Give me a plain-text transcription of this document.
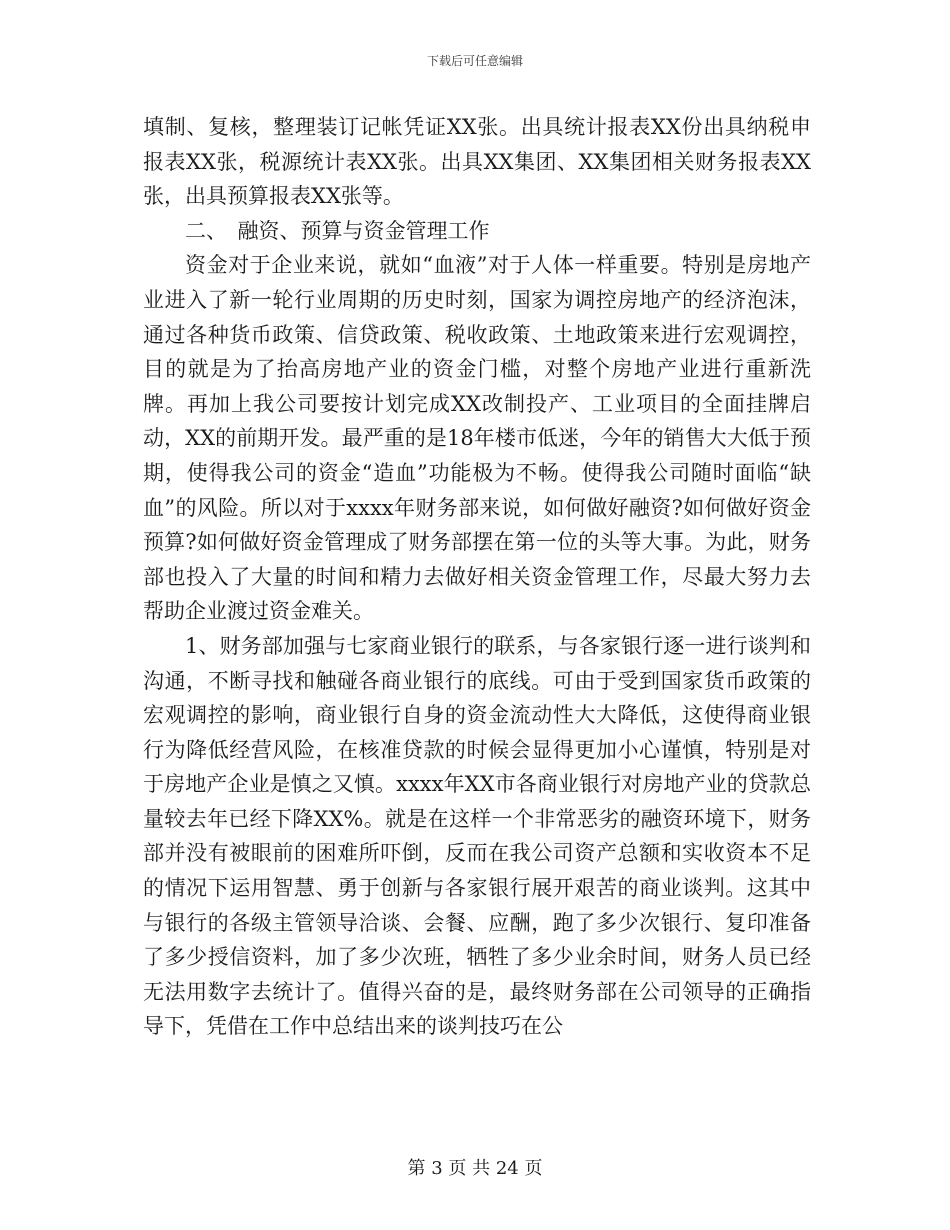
下载后可任意编辑

填制、复核，整理装订记帐凭证XX张。出具统计报表XX份出具纳税申报表XX张，税源统计表XX张。出具XX集团、XX集团相关财务报表XX张，出具预算报表XX张等。

二、　融资、预算与资金管理工作

资金对于企业来说，就如“血液”对于人体一样重要。特别是房地产业进入了新一轮行业周期的历史时刻，国家为调控房地产的经济泡沫，通过各种货币政策、信贷政策、税收政策、土地政策来进行宏观调控，目的就是为了抬高房地产业的资金门槛，对整个房地产业进行重新洗牌。再加上我公司要按计划完成XX改制投产、工业项目的全面挂牌启动，XX的前期开发。最严重的是18年楼市低迷，今年的销售大大低于预期，使得我公司的资金“造血”功能极为不畅。使得我公司随时面临“缺血”的风险。所以对于xxxx年财务部来说，如何做好融资?如何做好资金预算?如何做好资金管理成了财务部摆在第一位的头等大事。为此，财务部也投入了大量的时间和精力去做好相关资金管理工作，尽最大努力去帮助企业渡过资金难关。

1、财务部加强与七家商业银行的联系，与各家银行逐一进行谈判和沟通，不断寻找和触碰各商业银行的底线。可由于受到国家货币政策的宏观调控的影响，商业银行自身的资金流动性大大降低，这使得商业银行为降低经营风险，在核准贷款的时候会显得更加小心谨慎，特别是对于房地产企业是慎之又慎。xxxx年XX市各商业银行对房地产业的贷款总量较去年已经下降XX%。就是在这样一个非常恶劣的融资环境下，财务部并没有被眼前的困难所吓倒，反而在我公司资产总额和实收资本不足的情况下运用智慧、勇于创新与各家银行展开艰苦的商业谈判。这其中与银行的各级主管领导洽谈、会餐、应酬，跑了多少次银行、复印准备了多少授信资料，加了多少次班，牺牲了多少业余时间，财务人员已经无法用数字去统计了。值得兴奋的是，最终财务部在公司领导的正确指导下，凭借在工作中总结出来的谈判技巧在公

第 3 页 共 24 页
